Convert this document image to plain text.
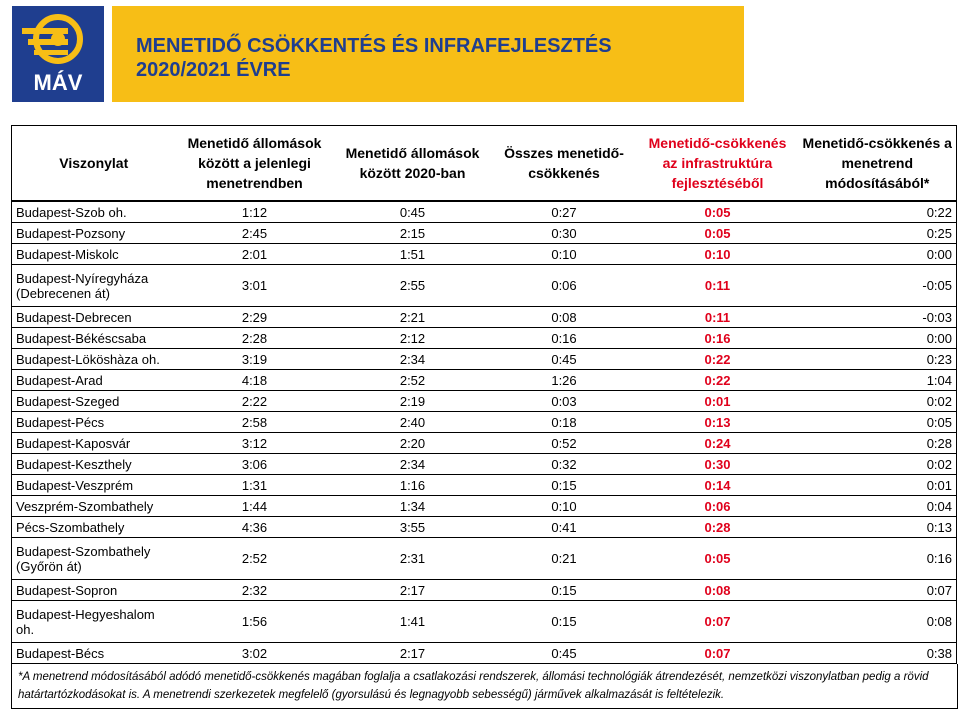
MÁV
MENETIDŐ CSÖKKENTÉS ÉS INFRAFEJLESZTÉS
2020/2021 ÉVRE
Viszonylat	Menetidő állomások között a jelenlegi menetrendben	Menetidő állomások között 2020-ban	Összes menetidő-csökkenés	Menetidő-csökkenés az infrastruktúra fejlesztéséből	Menetidő-csökkenés a menetrend módosításából*
Budapest-Szob oh.	1:12	0:45	0:27	0:05	0:22
Budapest-Pozsony	2:45	2:15	0:30	0:05	0:25
Budapest-Miskolc	2:01	1:51	0:10	0:10	0:00
Budapest-Nyíregyháza (Debrecenen át)	3:01	2:55	0:06	0:11	-0:05
Budapest-Debrecen	2:29	2:21	0:08	0:11	-0:03
Budapest-Békéscsaba	2:28	2:12	0:16	0:16	0:00
Budapest-Lököshàza oh.	3:19	2:34	0:45	0:22	0:23
Budapest-Arad	4:18	2:52	1:26	0:22	1:04
Budapest-Szeged	2:22	2:19	0:03	0:01	0:02
Budapest-Pécs	2:58	2:40	0:18	0:13	0:05
Budapest-Kaposvár	3:12	2:20	0:52	0:24	0:28
Budapest-Keszthely	3:06	2:34	0:32	0:30	0:02
Budapest-Veszprém	1:31	1:16	0:15	0:14	0:01
Veszprém-Szombathely	1:44	1:34	0:10	0:06	0:04
Pécs-Szombathely	4:36	3:55	0:41	0:28	0:13
Budapest-Szombathely (Győrön át)	2:52	2:31	0:21	0:05	0:16
Budapest-Sopron	2:32	2:17	0:15	0:08	0:07
Budapest-Hegyeshalom oh.	1:56	1:41	0:15	0:07	0:08
Budapest-Bécs	3:02	2:17	0:45	0:07	0:38
*A menetrend módosításából adódó menetidő-csökkenés magában foglalja a csatlakozási rendszerek, állomási technológiák átrendezését, nemzetközi viszonylatban pedig a rövid határtartózkodásokat is. A menetrendi szerkezetek megfelelő (gyorsulású és legnagyobb sebességű) járművek alkalmazását is feltételezik.
